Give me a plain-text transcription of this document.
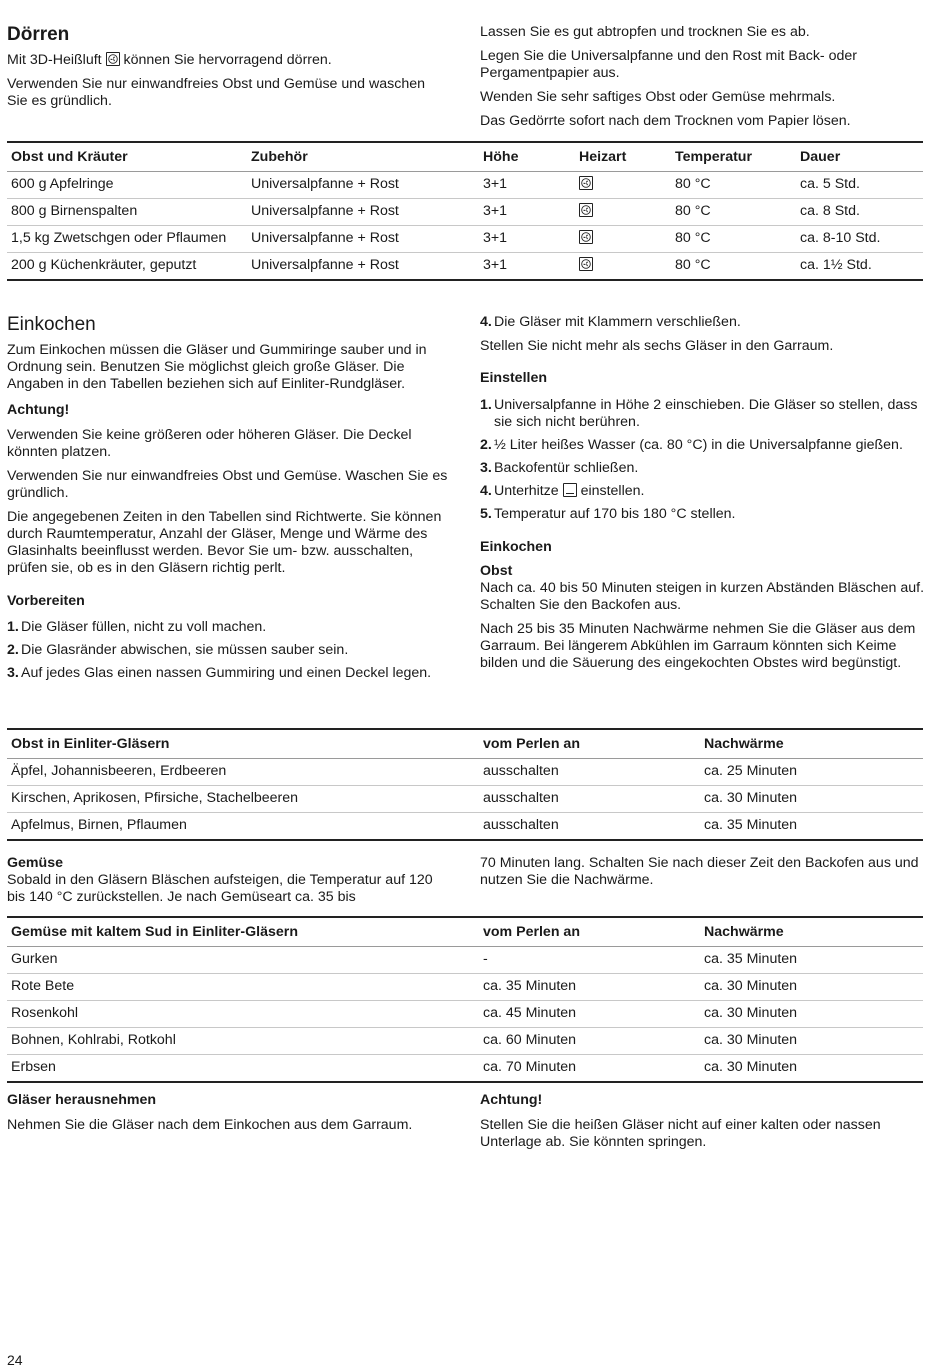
Dörren

Mit 3D-Heißluft können Sie hervorragend dörren.

Verwenden Sie nur einwandfreies Obst und Gemüse und waschen Sie es gründlich.

Lassen Sie es gut abtropfen und trocknen Sie es ab.

Legen Sie die Universalpfanne und den Rost mit Back- oder Pergamentpapier aus.

Wenden Sie sehr saftiges Obst oder Gemüse mehrmals.

Das Gedörrte sofort nach dem Trocknen vom Papier lösen.

Obst und Kräuter	Zubehör	Höhe	Heizart	Temperatur	Dauer
600 g Apfelringe	Universalpfanne + Rost	3+1		80 °C	ca. 5 Std.
800 g Birnenspalten	Universalpfanne + Rost	3+1		80 °C	ca. 8 Std.
1,5 kg Zwetschgen oder Pflaumen	Universalpfanne + Rost	3+1		80 °C	ca. 8-10 Std.
200 g Küchenkräuter, geputzt	Universalpfanne + Rost	3+1		80 °C	ca. 1½ Std.
Einkochen

Zum Einkochen müssen die Gläser und Gummiringe sauber und in Ordnung sein. Benutzen Sie möglichst gleich große Gläser. Die Angaben in den Tabellen beziehen sich auf Einliter-Rundgläser.

Achtung!

Verwenden Sie keine größeren oder höheren Gläser. Die Deckel könnten platzen.

Verwenden Sie nur einwandfreies Obst und Gemüse. Waschen Sie es gründlich.

Die angegebenen Zeiten in den Tabellen sind Richtwerte. Sie können durch Raumtemperatur, Anzahl der Gläser, Menge und Wärme des Glasinhalts beeinflusst werden. Bevor Sie um- bzw. ausschalten, prüfen sie, ob es in den Gläsern richtig perlt.

Vorbereiten

1. Die Gläser füllen, nicht zu voll machen.
2. Die Glasränder abwischen, sie müssen sauber sein.
3. Auf jedes Glas einen nassen Gummiring und einen Deckel legen.
4. Die Gläser mit Klammern verschließen.

Stellen Sie nicht mehr als sechs Gläser in den Garraum.

Einstellen

1. Universalpfanne in Höhe 2 einschieben. Die Gläser so stellen, dass sie sich nicht berühren.
2. ½ Liter heißes Wasser (ca. 80 °C) in die Universalpfanne gießen.
3. Backofentür schließen.
4. Unterhitze einstellen.
5. Temperatur auf 170 bis 180 °C stellen.

Einkochen

Obst

Nach ca. 40 bis 50 Minuten steigen in kurzen Abständen Bläschen auf. Schalten Sie den Backofen aus.

Nach 25 bis 35 Minuten Nachwärme nehmen Sie die Gläser aus dem Garraum. Bei längerem Abkühlen im Garraum könnten sich Keime bilden und die Säuerung des eingekochten Obstes wird begünstigt.

Obst in Einliter-Gläsern	vom Perlen an	Nachwärme
Äpfel, Johannisbeeren, Erdbeeren	ausschalten	ca. 25 Minuten
Kirschen, Aprikosen, Pfirsiche, Stachelbeeren	ausschalten	ca. 30 Minuten
Apfelmus, Birnen, Pflaumen	ausschalten	ca. 35 Minuten

Gemüse

Sobald in den Gläsern Bläschen aufsteigen, die Temperatur auf 120 bis 140 °C zurückstellen. Je nach Gemüseart ca. 35 bis

70 Minuten lang. Schalten Sie nach dieser Zeit den Backofen aus und nutzen Sie die Nachwärme.

Gemüse mit kaltem Sud in Einliter-Gläsern	vom Perlen an	Nachwärme
Gurken	-	ca. 35 Minuten
Rote Bete	ca. 35 Minuten	ca. 30 Minuten
Rosenkohl	ca. 45 Minuten	ca. 30 Minuten
Bohnen, Kohlrabi, Rotkohl	ca. 60 Minuten	ca. 30 Minuten
Erbsen	ca. 70 Minuten	ca. 30 Minuten

Gläser herausnehmen

Nehmen Sie die Gläser nach dem Einkochen aus dem Garraum.

Achtung!

Stellen Sie die heißen Gläser nicht auf einer kalten oder nassen Unterlage ab. Sie könnten springen.

24
